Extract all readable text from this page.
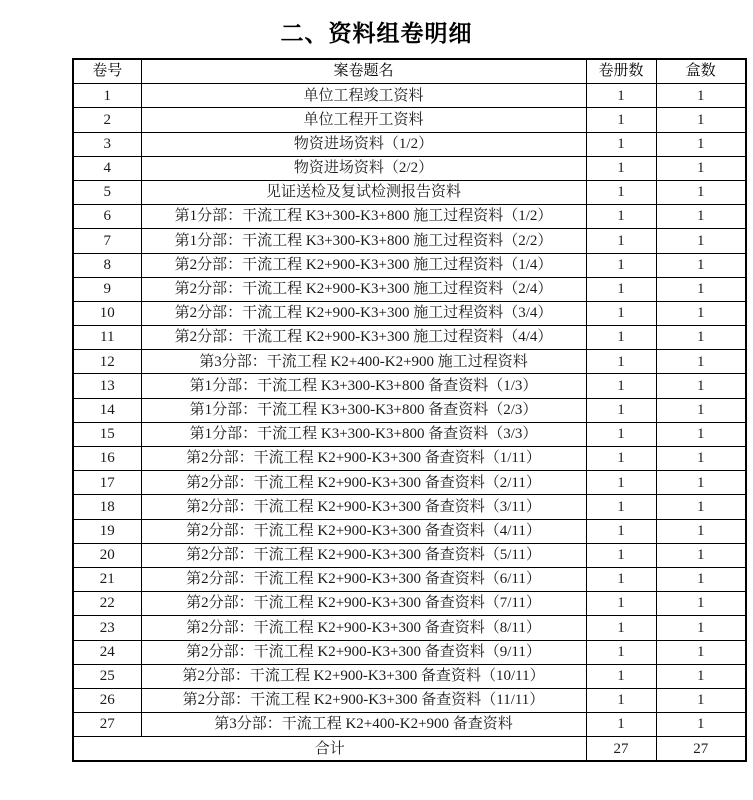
二、资料组卷明细
卷号	案卷题名	卷册数	盒数
1	单位工程竣工资料	1	1
2	单位工程开工资料	1	1
3	物资进场资料（1/2）	1	1
4	物资进场资料（2/2）	1	1
5	见证送检及复试检测报告资料	1	1
6	第1分部：干流工程 K3+300-K3+800 施工过程资料（1/2）	1	1
7	第1分部：干流工程 K3+300-K3+800 施工过程资料（2/2）	1	1
8	第2分部：干流工程 K2+900-K3+300 施工过程资料（1/4）	1	1
9	第2分部：干流工程 K2+900-K3+300 施工过程资料（2/4）	1	1
10	第2分部：干流工程 K2+900-K3+300 施工过程资料（3/4）	1	1
11	第2分部：干流工程 K2+900-K3+300 施工过程资料（4/4）	1	1
12	第3分部：干流工程 K2+400-K2+900 施工过程资料	1	1
13	第1分部：干流工程 K3+300-K3+800 备查资料（1/3）	1	1
14	第1分部：干流工程 K3+300-K3+800 备查资料（2/3）	1	1
15	第1分部：干流工程 K3+300-K3+800 备查资料（3/3）	1	1
16	第2分部：干流工程 K2+900-K3+300 备查资料（1/11）	1	1
17	第2分部：干流工程 K2+900-K3+300 备查资料（2/11）	1	1
18	第2分部：干流工程 K2+900-K3+300 备查资料（3/11）	1	1
19	第2分部：干流工程 K2+900-K3+300 备查资料（4/11）	1	1
20	第2分部：干流工程 K2+900-K3+300 备查资料（5/11）	1	1
21	第2分部：干流工程 K2+900-K3+300 备查资料（6/11）	1	1
22	第2分部：干流工程 K2+900-K3+300 备查资料（7/11）	1	1
23	第2分部：干流工程 K2+900-K3+300 备查资料（8/11）	1	1
24	第2分部：干流工程 K2+900-K3+300 备查资料（9/11）	1	1
25	第2分部：干流工程 K2+900-K3+300 备查资料（10/11）	1	1
26	第2分部：干流工程 K2+900-K3+300 备查资料（11/11）	1	1
27	第3分部：干流工程 K2+400-K2+900 备查资料	1	1
合计		27	27
